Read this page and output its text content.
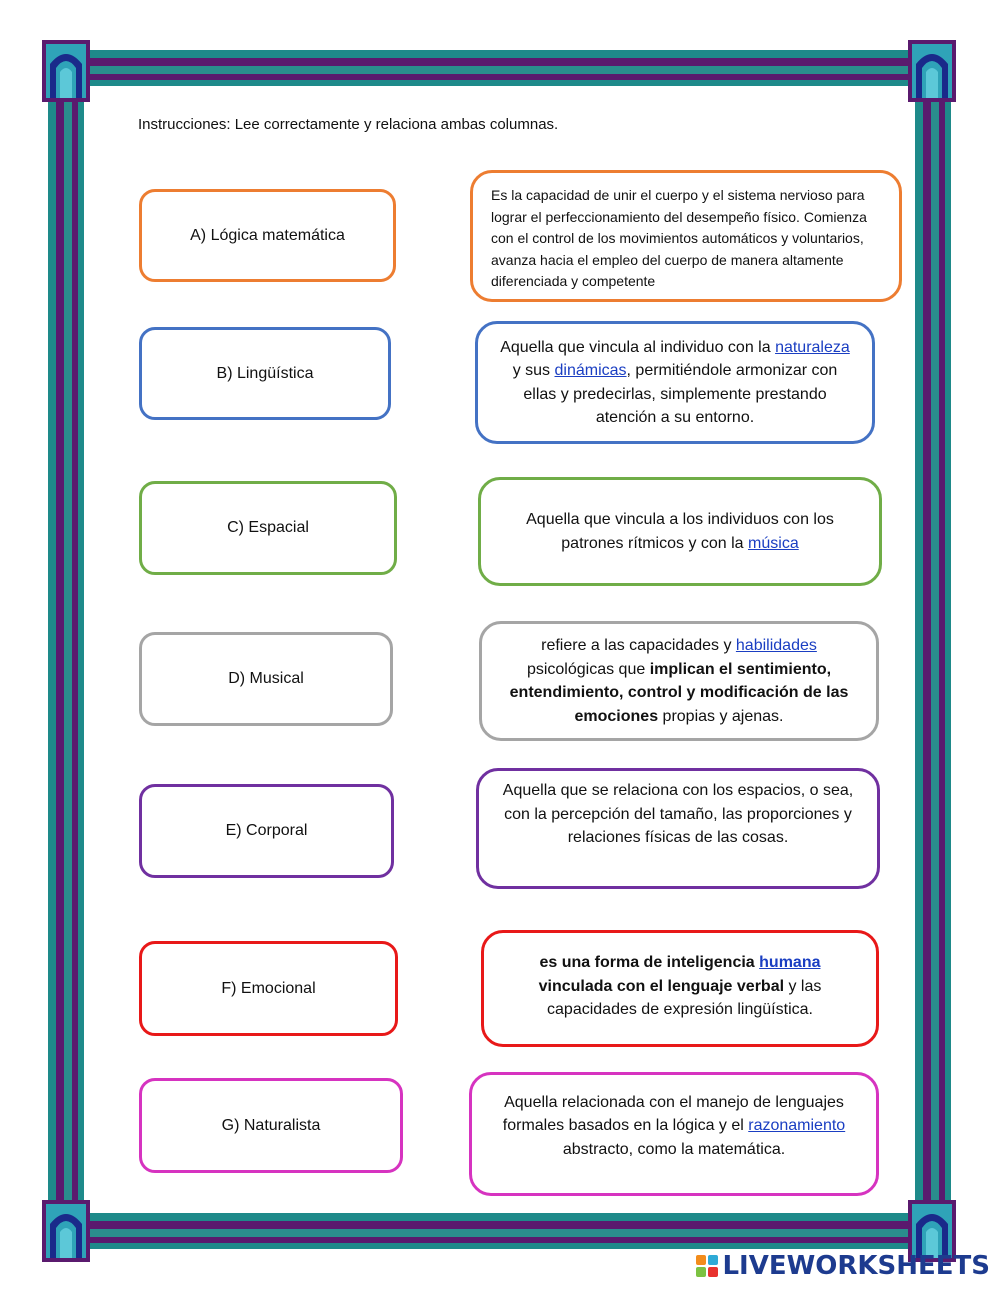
Instrucciones: Lee correctamente y relaciona ambas columnas.
A) Lógica matemática
B) Lingüística
C) Espacial
D) Musical
E) Corporal
F) Emocional
G) Naturalista
Es la capacidad de unir el cuerpo y el sistema nervioso para lograr el perfeccionamiento del desempeño físico. Comienza con el control de los movimientos automáticos y voluntarios, avanza hacia el empleo del cuerpo de manera altamente diferenciada y competente
Aquella que vincula al individuo con la naturaleza y sus dinámicas, permitiéndole armonizar con ellas y predecirlas, simplemente prestando atención a su entorno.
Aquella que vincula a los individuos con los patrones rítmicos y con la música
refiere a las capacidades y habilidades psicológicas que implican el sentimiento, entendimiento, control y modificación de las emociones propias y ajenas.
Aquella que se relaciona con los espacios, o sea, con la percepción del tamaño, las proporciones y relaciones físicas de las cosas.
es una forma de inteligencia humana vinculada con el lenguaje verbal y las capacidades de expresión lingüística.
Aquella relacionada con el manejo de lenguajes formales basados en la lógica y el razonamiento abstracto, como la matemática.
LIVEWORKSHEETS
